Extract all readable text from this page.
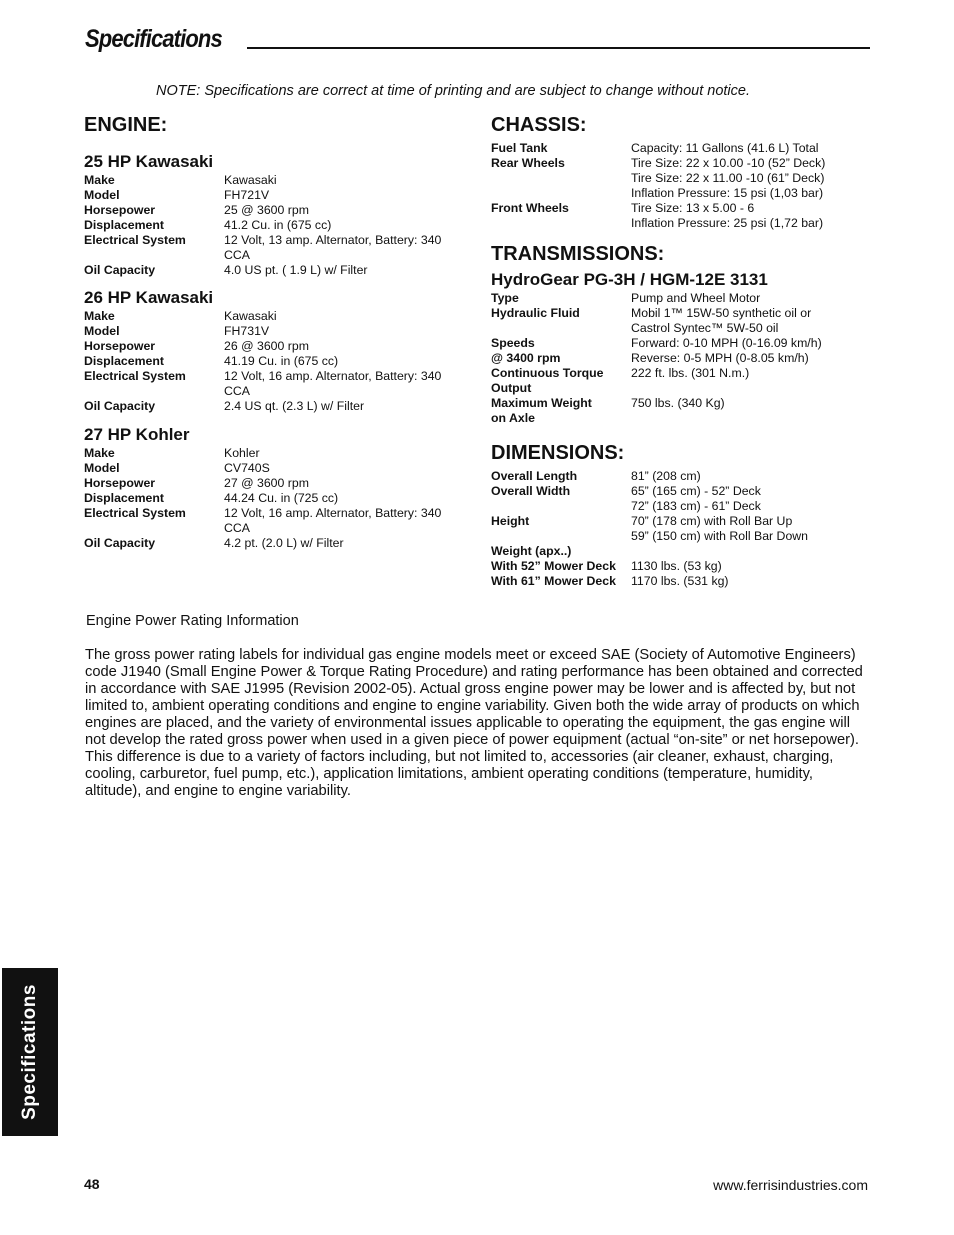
Specifications
NOTE: Specifications are correct at time of printing and are subject to change without notice.
ENGINE:
25 HP Kawasaki
Make	Kawasaki
Model	FH721V
Horsepower	25 @ 3600 rpm
Displacement	41.2 Cu. in (675 cc)
Electrical System	12 Volt, 13 amp. Alternator, Battery: 340 CCA
Oil Capacity	4.0 US pt. ( 1.9 L) w/ Filter
26 HP Kawasaki
Make	Kawasaki
Model	FH731V
Horsepower	26 @ 3600 rpm
Displacement	41.19 Cu. in (675 cc)
Electrical System	12 Volt, 16 amp. Alternator, Battery: 340 CCA
Oil Capacity	2.4 US qt. (2.3 L) w/ Filter
27 HP Kohler
Make	Kohler
Model	CV740S
Horsepower	27 @ 3600 rpm
Displacement	44.24 Cu. in (725 cc)
Electrical System	12 Volt, 16 amp. Alternator, Battery: 340 CCA
Oil Capacity	4.2 pt. (2.0 L) w/ Filter
CHASSIS:
Fuel Tank	Capacity: 11 Gallons (41.6 L) Total
Rear Wheels	Tire Size: 22 x 10.00 -10 (52” Deck)
	Tire Size: 22 x 11.00 -10 (61” Deck)
	Inflation Pressure: 15 psi (1,03 bar)
Front Wheels	Tire Size: 13 x 5.00 - 6
	Inflation Pressure: 25 psi (1,72 bar)
TRANSMISSIONS:
HydroGear PG-3H / HGM-12E 3131
Type	Pump and Wheel Motor
Hydraulic Fluid	Mobil 1™ 15W-50 synthetic oil or
	Castrol Syntec™ 5W-50 oil
Speeds	Forward: 0-10 MPH (0-16.09 km/h)
@ 3400 rpm	Reverse: 0-5 MPH (0-8.05 km/h)
Continuous Torque	222 ft. lbs. (301 N.m.)
Output	
Maximum Weight	750 lbs. (340 Kg)
on Axle	
DIMENSIONS:
Overall Length	81” (208 cm)
Overall Width	65” (165 cm) - 52” Deck
	72” (183 cm) - 61” Deck
Height	70” (178 cm) with Roll Bar Up
	59” (150 cm) with Roll Bar Down
Weight (apx..)	
With 52” Mower Deck	1130 lbs. (53 kg)
With 61” Mower Deck	1170 lbs. (531 kg)
Engine Power Rating Information

The gross power rating labels for individual gas engine models meet or exceed SAE (Society of Automotive Engineers) code J1940 (Small Engine Power & Torque Rating Procedure) and rating performance has been obtained and corrected in accordance with SAE J1995 (Revision 2002-05). Actual gross engine power may be lower and is affected by, but not limited to, ambient operating conditions and engine to engine variability. Given both the wide array of products on which engines are placed, and the variety of environmental issues applicable to operating the equipment, the gas engine will not develop the rated gross power when used in a given piece of power equipment (actual “on-site” or net horsepower). This difference is due to a variety of factors including, but not limited to, accessories (air cleaner, exhaust, charging, cooling, carburetor, fuel pump, etc.), application limitations, ambient operating conditions (temperature, humidity, altitude), and engine to engine variability.

Specifications
48	www.ferrisindustries.com
